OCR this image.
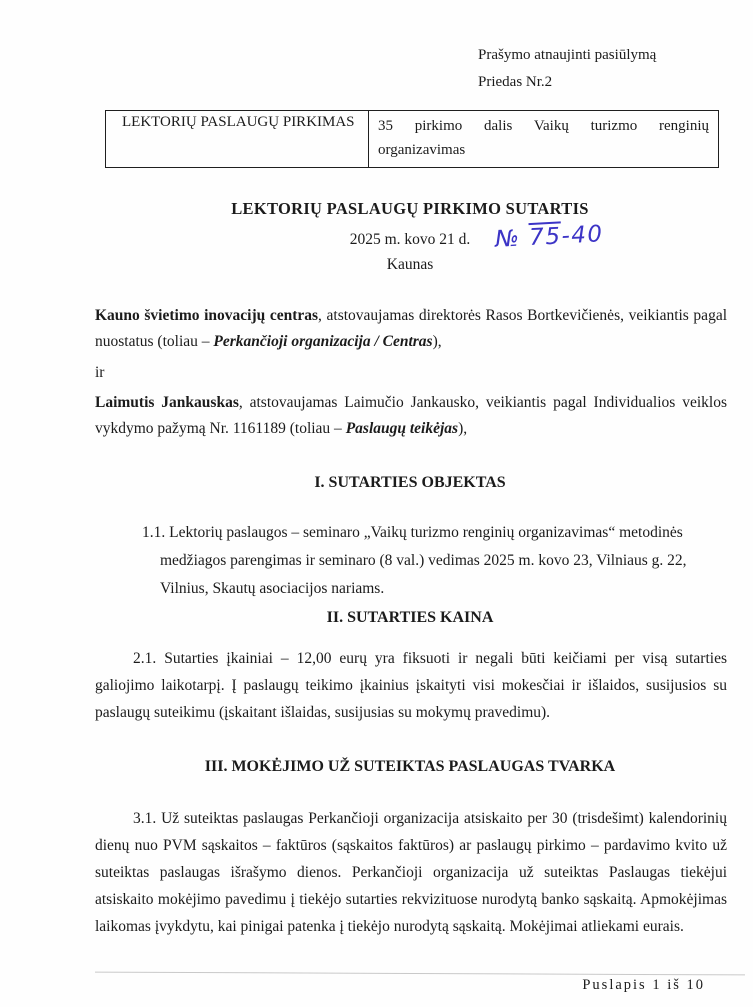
Prašymo atnaujinti pasiūlymą
Priedas Nr.2
LEKTORIŲ PASLAUGŲ PIRKIMAS	35 pirkimo dalis Vaikų turizmo renginių organizavimas
LEKTORIŲ PASLAUGŲ PIRKIMO SUTARTIS
2025 m. kovo 21 d. № 75-40
Kaunas

Kauno švietimo inovacijų centras, atstovaujamas direktorės Rasos Bortkevičienės, veikiantis pagal nuostatus (toliau – Perkančioji organizacija / Centras),

ir

Laimutis Jankauskas, atstovaujamas Laimučio Jankausko, veikiantis pagal Individualios veiklos vykdymo pažymą Nr. 1161189 (toliau – Paslaugų teikėjas),

I. SUTARTIES OBJEKTAS

1.1. Lektorių paslaugos – seminaro „Vaikų turizmo renginių organizavimas“ metodinės medžiagos parengimas ir seminaro (8 val.) vedimas 2025 m. kovo 23, Vilniaus g. 22, Vilnius, Skautų asociacijos nariams.

II. SUTARTIES KAINA

2.1. Sutarties įkainiai – 12,00 eurų yra fiksuoti ir negali būti keičiami per visą sutarties galiojimo laikotarpį. Į paslaugų teikimo įkainius įskaityti visi mokesčiai ir išlaidos, susijusios su paslaugų suteikimu (įskaitant išlaidas, susijusias su mokymų pravedimu).

III. MOKĖJIMO UŽ SUTEIKTAS PASLAUGAS TVARKA

3.1. Už suteiktas paslaugas Perkančioji organizacija atsiskaito per 30 (trisdešimt) kalendorinių dienų nuo PVM sąskaitos – faktūros (sąskaitos faktūros) ar paslaugų pirkimo – pardavimo kvito už suteiktas paslaugas išrašymo dienos. Perkančioji organizacija už suteiktas Paslaugas tiekėjui atsiskaito mokėjimo pavedimu į tiekėjo sutarties rekvizituose nurodytą banko sąskaitą. Apmokėjimas laikomas įvykdytu, kai pinigai patenka į tiekėjo nurodytą sąskaitą. Mokėjimai atliekami eurais.

Puslapis 1 iš 10
